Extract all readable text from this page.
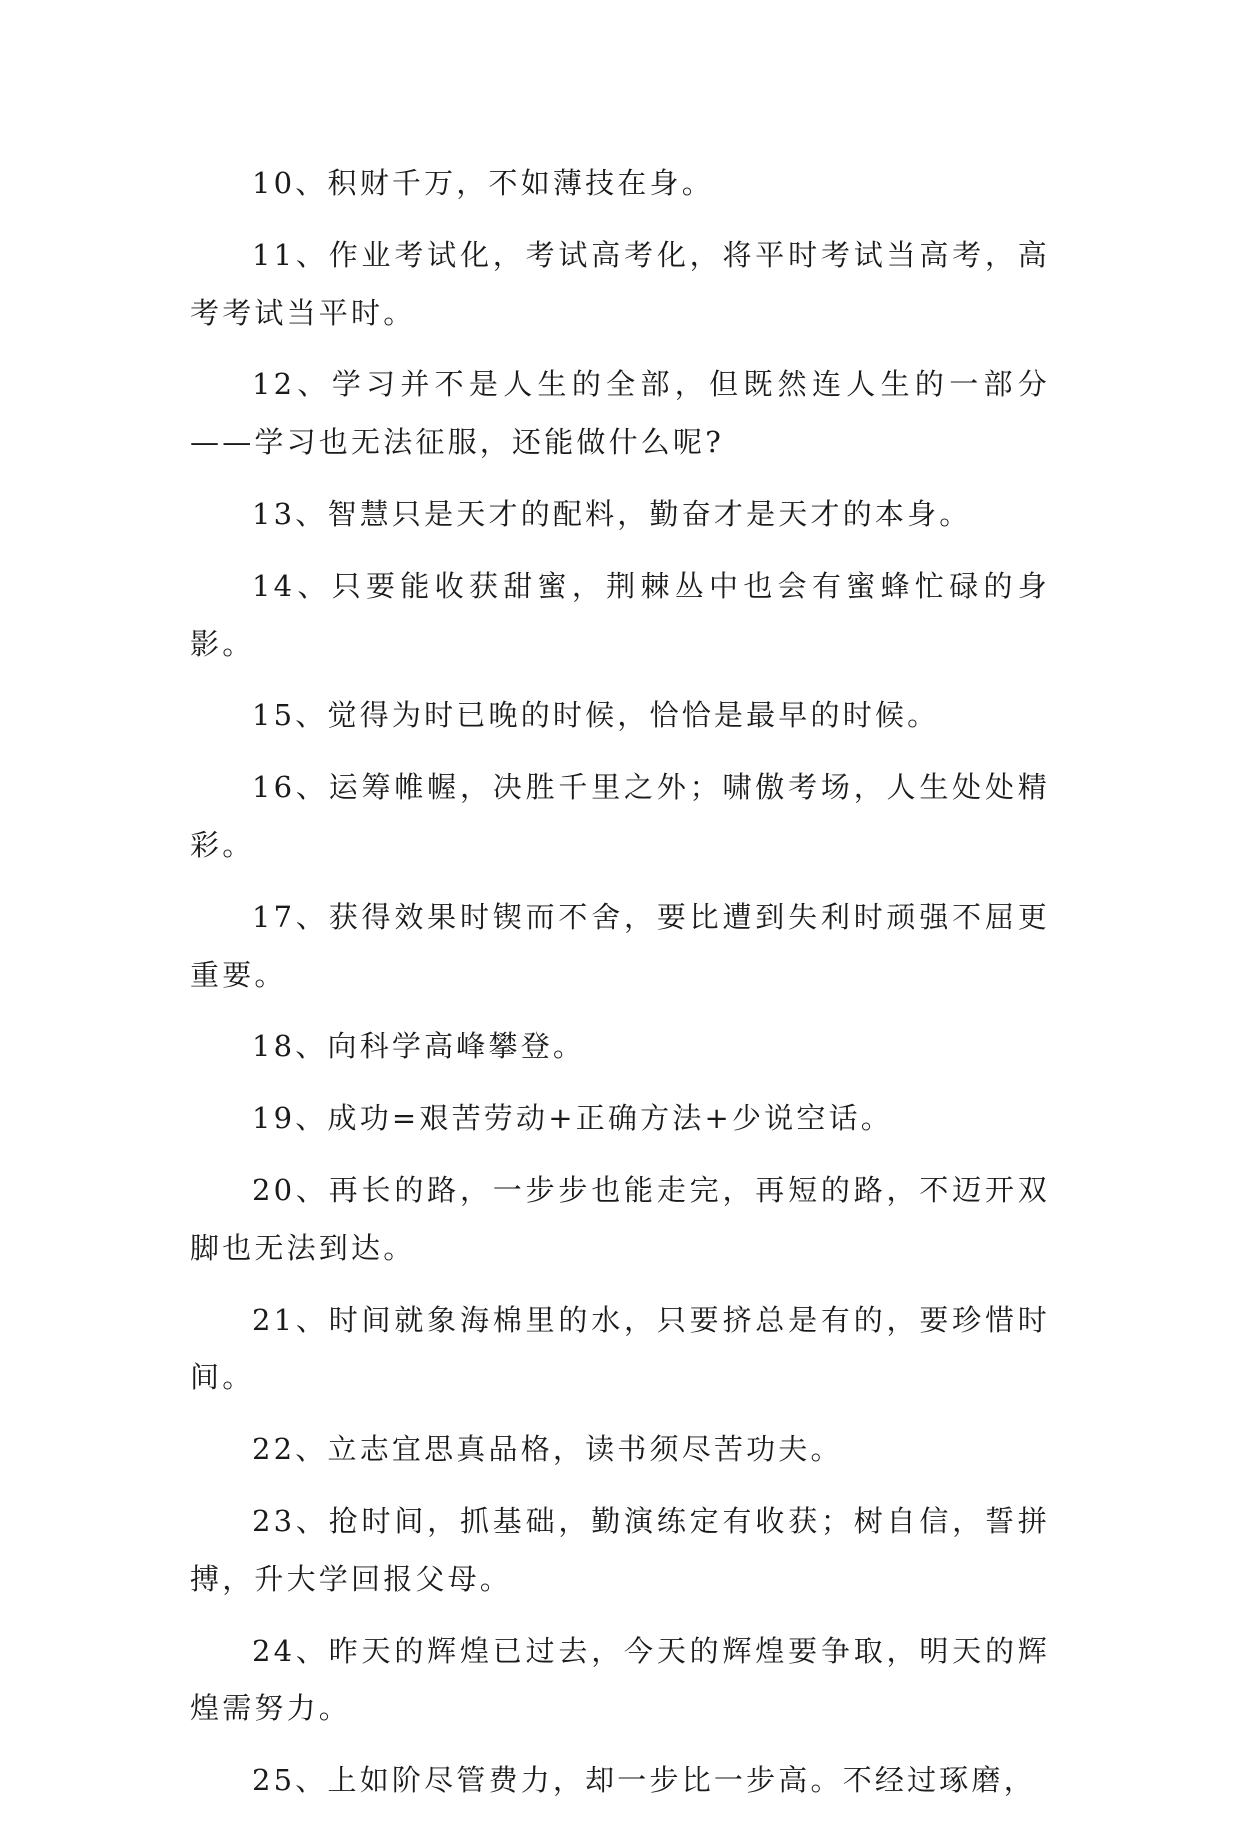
10、积财千万，不如薄技在身。

11、作业考试化，考试高考化，将平时考试当高考，高考考试当平时。

12、学习并不是人生的全部，但既然连人生的一部分——学习也无法征服，还能做什么呢?

13、智慧只是天才的配料，勤奋才是天才的本身。

14、只要能收获甜蜜，荆棘丛中也会有蜜蜂忙碌的身影。

15、觉得为时已晚的时候，恰恰是最早的时候。

16、运筹帷幄，决胜千里之外；啸傲考场，人生处处精彩。

17、获得效果时锲而不舍，要比遭到失利时顽强不屈更重要。

18、向科学高峰攀登。

19、成功=艰苦劳动+正确方法+少说空话。

20、再长的路，一步步也能走完，再短的路，不迈开双脚也无法到达。

21、时间就象海棉里的水，只要挤总是有的，要珍惜时间。

22、立志宜思真品格，读书须尽苦功夫。

23、抢时间，抓基础，勤演练定有收获；树自信，誓拼搏，升大学回报父母。

24、昨天的辉煌已过去，今天的辉煌要争取，明天的辉煌需努力。

25、上如阶尽管费力，却一步比一步高。不经过琢磨，
